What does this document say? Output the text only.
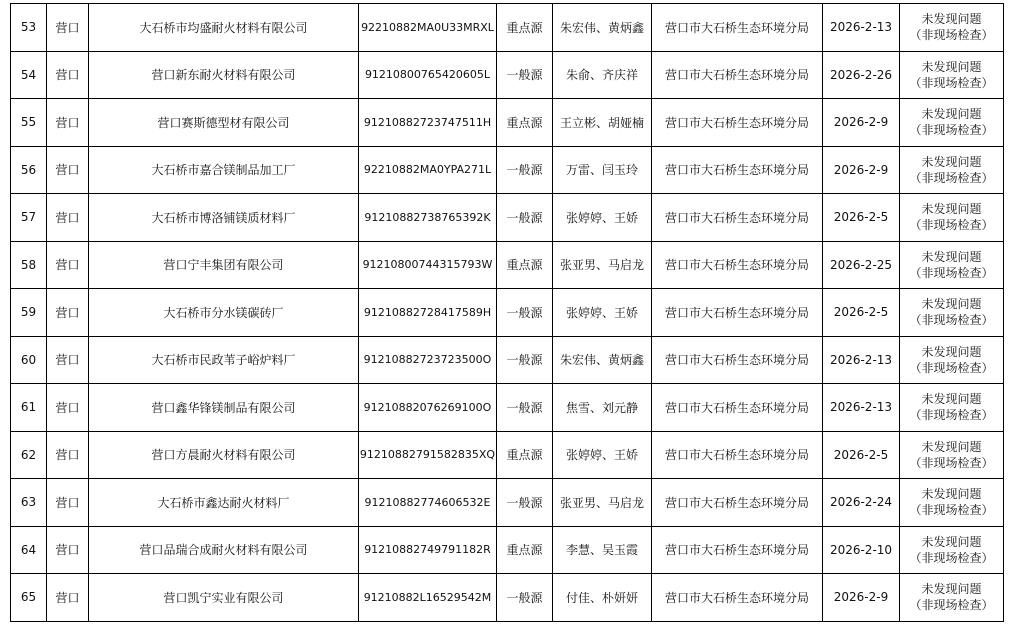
53	营口	大石桥市均盛耐火材料有限公司	92210882MA0U33MRXL	重点源	朱宏伟、黄炳鑫	营口市大石桥生态环境分局	2026-2-13	未发现问题
（非现场检查）

54	营口	营口新东耐火材料有限公司	91210800765420605L	一般源	朱俞、齐庆祥	营口市大石桥生态环境分局	2026-2-26	未发现问题
（非现场检查）

55	营口	营口赛斯德型材有限公司	91210882723747511H	重点源	王立彬、胡娅楠	营口市大石桥生态环境分局	2026-2-9	未发现问题
（非现场检查）

56	营口	大石桥市嘉合镁制品加工厂	92210882MA0YPA271L	一般源	万雷、闫玉玲	营口市大石桥生态环境分局	2026-2-9	未发现问题
（非现场检查）

57	营口	大石桥市博洛铺镁质材料厂	91210882738765392K	一般源	张婷婷、王娇	营口市大石桥生态环境分局	2026-2-5	未发现问题
（非现场检查）

58	营口	营口宁丰集团有限公司	91210800744315793W	重点源	张亚男、马启龙	营口市大石桥生态环境分局	2026-2-25	未发现问题
（非现场检查）

59	营口	大石桥市分水镁碳砖厂	91210882728417589H	一般源	张婷婷、王娇	营口市大石桥生态环境分局	2026-2-5	未发现问题
（非现场检查）

60	营口	大石桥市民政苇子峪炉料厂	91210882723723500O	一般源	朱宏伟、黄炳鑫	营口市大石桥生态环境分局	2026-2-13	未发现问题
（非现场检查）

61	营口	营口鑫华锋镁制品有限公司	91210882076269100O	一般源	焦雪、刘元静	营口市大石桥生态环境分局	2026-2-13	未发现问题
（非现场检查）

62	营口	营口方晨耐火材料有限公司	91210882791582835XQ	重点源	张婷婷、王娇	营口市大石桥生态环境分局	2026-2-5	未发现问题
（非现场检查）

63	营口	大石桥市鑫达耐火材料厂	91210882774606532E	一般源	张亚男、马启龙	营口市大石桥生态环境分局	2026-2-24	未发现问题
（非现场检查）

64	营口	营口品瑞合成耐火材料有限公司	91210882749791182R	重点源	李慧、吴玉霞	营口市大石桥生态环境分局	2026-2-10	未发现问题
（非现场检查）

65	营口	营口凯宁实业有限公司	91210882L16529542M	一般源	付佳、朴妍妍	营口市大石桥生态环境分局	2026-2-9	未发现问题
（非现场检查）
